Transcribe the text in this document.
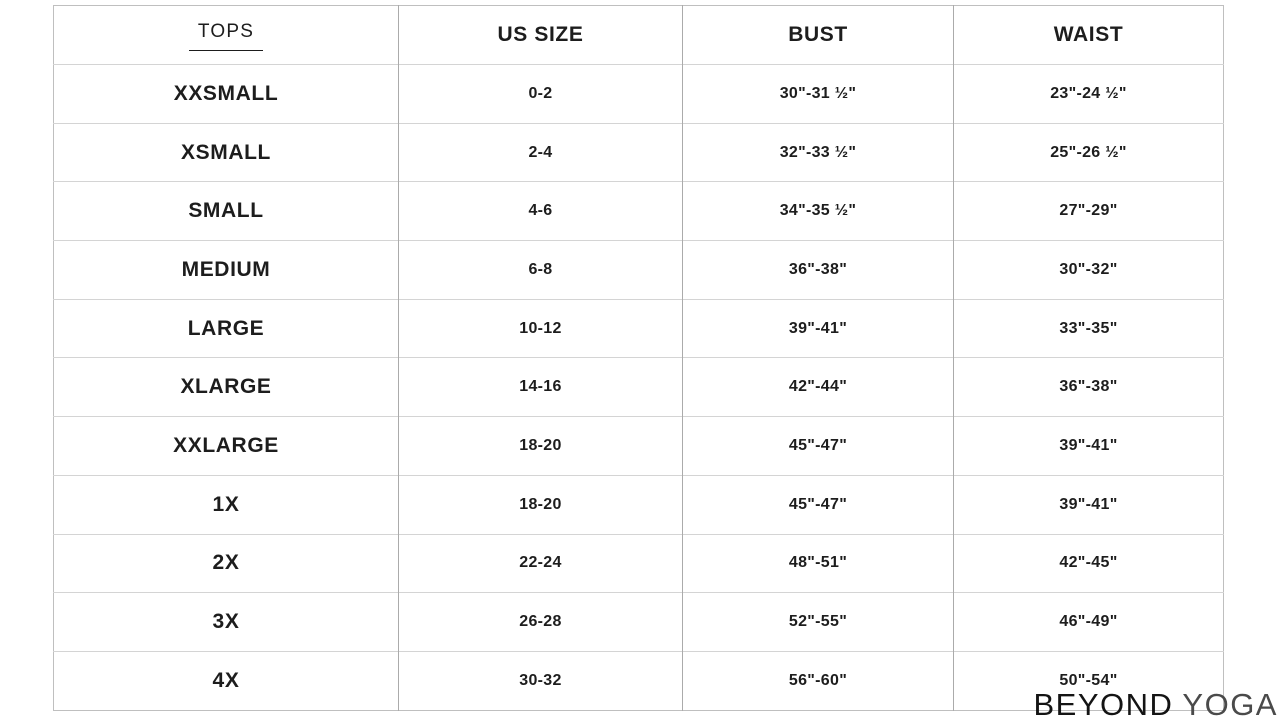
TOPS	US SIZE	BUST	WAIST
XXSMALL	0-2	30"-31 ½"	23"-24 ½"
XSMALL	2-4	32"-33 ½"	25"-26 ½"
SMALL	4-6	34"-35 ½"	27"-29"
MEDIUM	6-8	36"-38"	30"-32"
LARGE	10-12	39"-41"	33"-35"
XLARGE	14-16	42"-44"	36"-38"
XXLARGE	18-20	45"-47"	39"-41"
1X	18-20	45"-47"	39"-41"
2X	22-24	48"-51"	42"-45"
3X	26-28	52"-55"	46"-49"
4X	30-32	56"-60"	50"-54"
BEYOND YOGA
